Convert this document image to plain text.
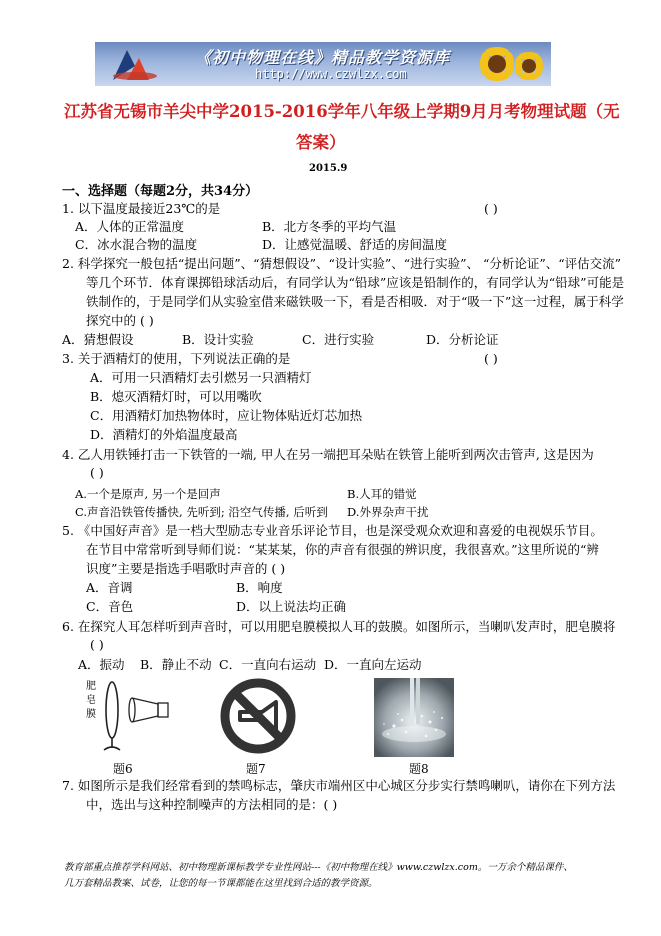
《初中物理在线》精品教学资源库
http://www.czwlzx.com
江苏省无锡市羊尖中学2015-2016学年八年级上学期9月月考物理试题（无
答案）
2015.9
一、选择题（每题2分，共34分）
1. 以下温度最接近23℃的是	( )
A．人体的正常温度	B．北方冬季的平均气温
C．冰水混合物的温度	D．让感觉温暖、舒适的房间温度
2. 科学探究一般包括“提出问题”、“猜想假设”、“设计实验”、“进行实验”、 “分析论证”、“评估交流”
等几个环节．体育课掷铅球活动后，有同学认为“铅球”应该是铅制作的，有同学认为“铅球”可能是
铁制作的，于是同学们从实验室借来磁铁吸一下，看是否相吸．对于“吸一下”这一过程，属于科学
探究中的 ( )
A．猜想假设	B．设计实验	C．进行实验	D．分析论证
3. 关于酒精灯的使用，下列说法正确的是	( )
A．可用一只酒精灯去引燃另一只酒精灯
B．熄灭酒精灯时，可以用嘴吹
C．用酒精灯加热物体时，应让物体贴近灯芯加热
D．酒精灯的外焰温度最高
4. 乙人用铁锤打击一下铁管的一端, 甲人在另一端把耳朵贴在铁管上能听到两次击管声, 这是因为
( )
A.一个是原声, 另一个是回声	B.人耳的错觉
C.声音沿铁管传播快, 先听到; 沿空气传播, 后听到 D.外界杂声干扰
5. 《中国好声音》是一档大型励志专业音乐评论节目，也是深受观众欢迎和喜爱的电视娱乐节目。
在节目中常常听到导师们说：“某某某，你的声音有很强的辨识度，我很喜欢。”这里所说的“辨
识度”主要是指选手唱歌时声音的 ( )
A．音调	B．响度
C．音色	D．以上说法均正确
6. 在探究人耳怎样听到声音时，可以用肥皂膜模拟人耳的鼓膜。如图所示，当喇叭发声时，肥皂膜将
( )
A．振动 B．静止不动 C．一直向右运动 D．一直向左运动
肥皂膜
题6	题7	题8
7. 如图所示是我们经常看到的禁鸣标志，肇庆市端州区中心城区分步实行禁鸣喇叭，请你在下列方法
中，选出与这种控制噪声的方法相同的是：( )
教育部重点推荐学科网站、初中物理新课标教学专业性网站---《初中物理在线》www.czwlzx.com。一万余个精品课件、
几万套精品教案、试卷，让您的每一节课都能在这里找到合适的教学资源。
